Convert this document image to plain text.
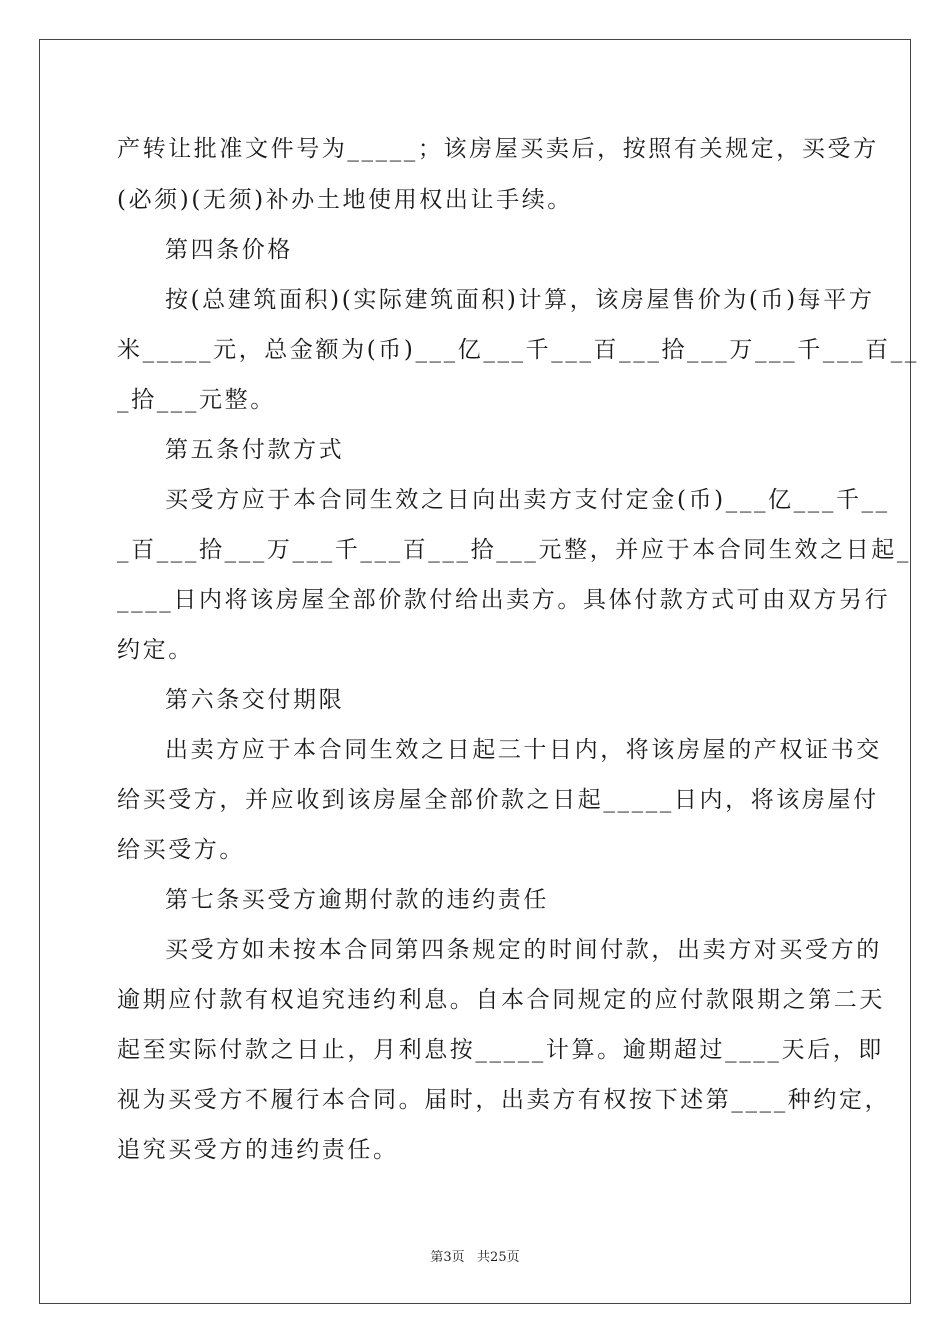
产转让批准文件号为_____；该房屋买卖后，按照有关规定，买受方
(必须)(无须)补办土地使用权出让手续。
第四条价格
按(总建筑面积)(实际建筑面积)计算，该房屋售价为(币)每平方
米_____元，总金额为(币)___亿___千___百___拾___万___千___百__
_拾___元整。
第五条付款方式
买受方应于本合同生效之日向出卖方支付定金(币)___亿___千__
_百___拾___万___千___百___拾___元整，并应于本合同生效之日起_
____日内将该房屋全部价款付给出卖方。具体付款方式可由双方另行
约定。
第六条交付期限
出卖方应于本合同生效之日起三十日内，将该房屋的产权证书交
给买受方，并应收到该房屋全部价款之日起_____日内，将该房屋付
给买受方。
第七条买受方逾期付款的违约责任
买受方如未按本合同第四条规定的时间付款，出卖方对买受方的
逾期应付款有权追究违约利息。自本合同规定的应付款限期之第二天
起至实际付款之日止，月利息按_____计算。逾期超过____天后，即
视为买受方不履行本合同。届时，出卖方有权按下述第____种约定，
追究买受方的违约责任。
第3页   共25页
